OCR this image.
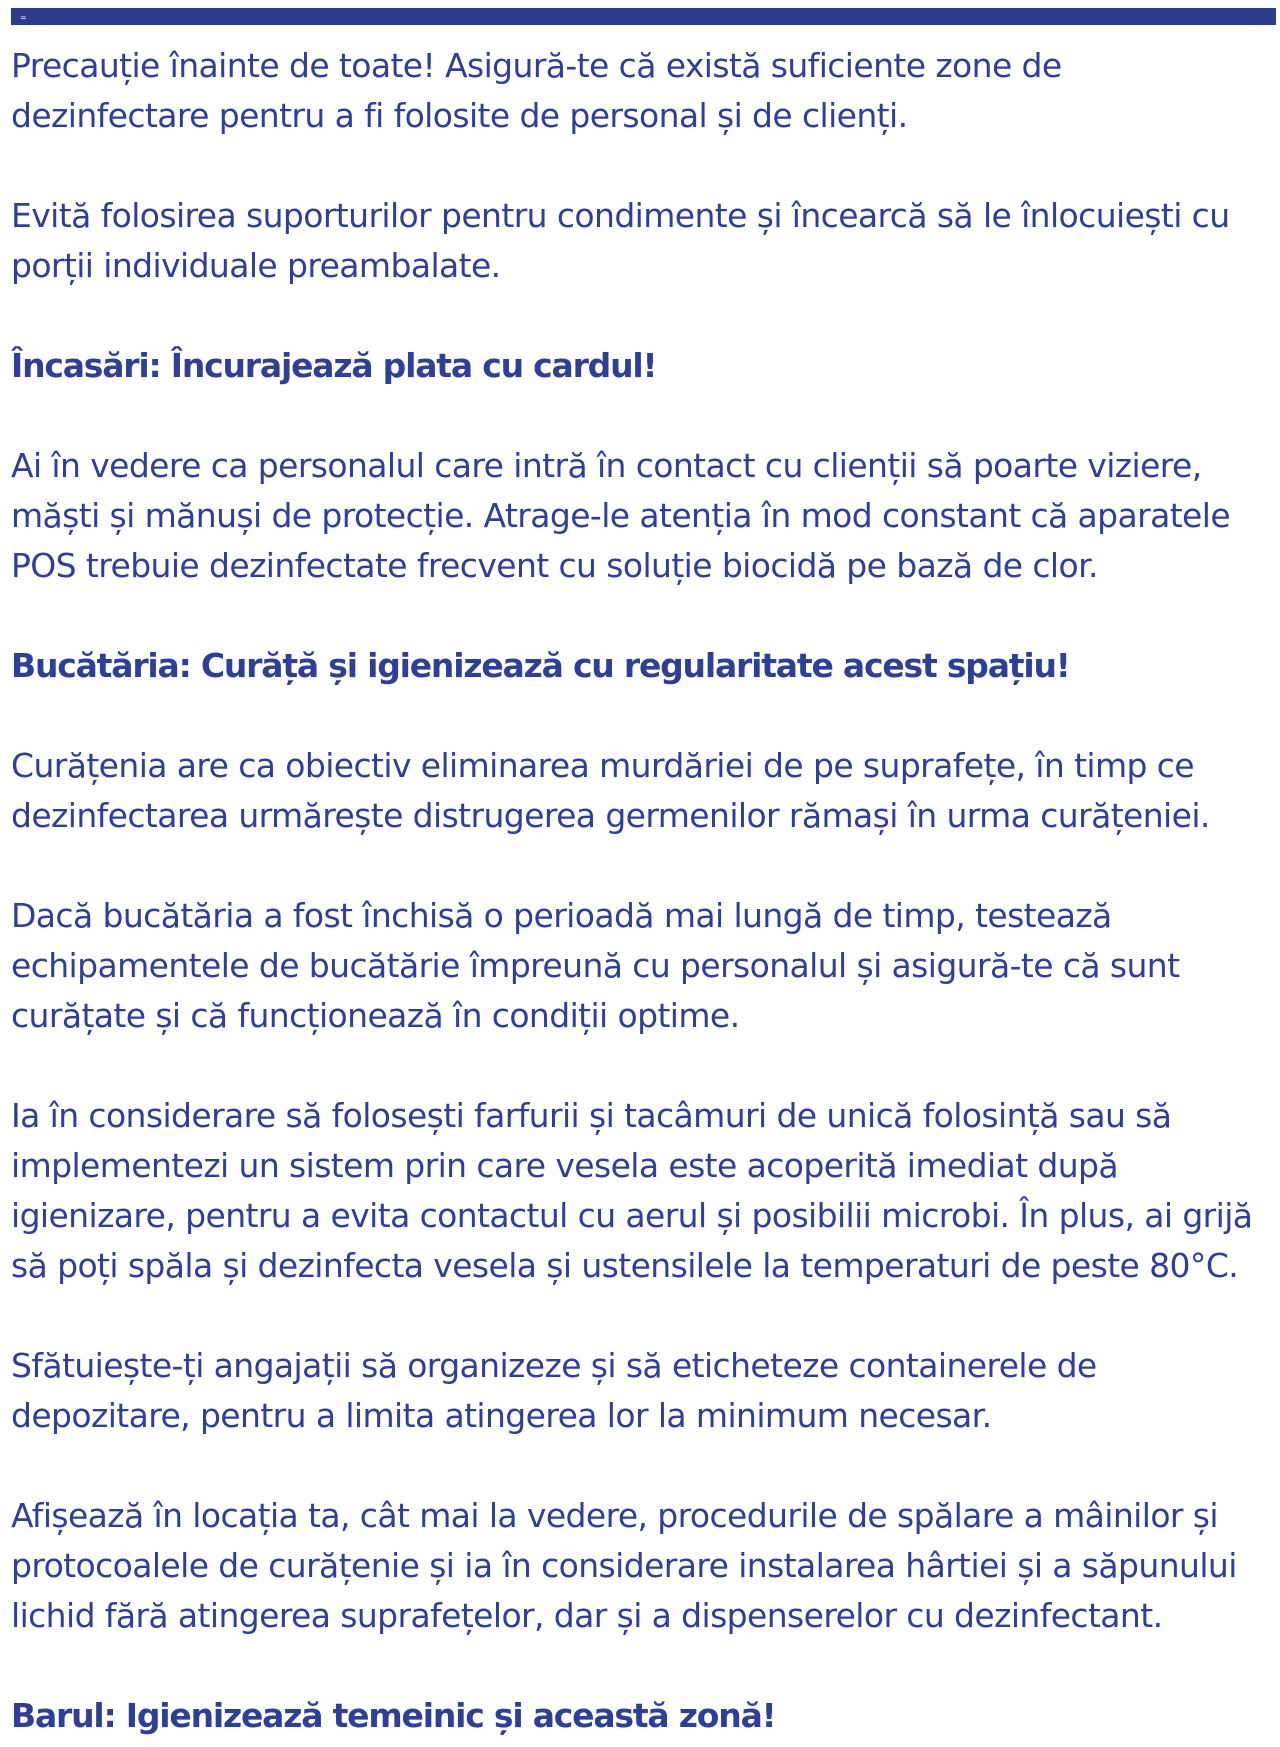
=

Precauție înainte de toate! Asigură-te că există suficiente zone de
dezinfectare pentru a fi folosite de personal și de clienți.

Evită folosirea suporturilor pentru condimente și încearcă să le înlocuiești cu
porții individuale preambalate.

Încasări: Încurajează plata cu cardul!

Ai în vedere ca personalul care intră în contact cu clienții să poarte viziere,
măști și mănuși de protecție. Atrage-le atenția în mod constant că aparatele
POS trebuie dezinfectate frecvent cu soluție biocidă pe bază de clor.

Bucătăria: Curăță și igienizează cu regularitate acest spațiu!

Curățenia are ca obiectiv eliminarea murdăriei de pe suprafețe, în timp ce
dezinfectarea urmărește distrugerea germenilor rămași în urma curățeniei.

Dacă bucătăria a fost închisă o perioadă mai lungă de timp, testează
echipamentele de bucătărie împreună cu personalul și asigură-te că sunt
curățate și că funcționează în condiții optime.

Ia în considerare să folosești farfurii și tacâmuri de unică folosință sau să
implementezi un sistem prin care vesela este acoperită imediat după
igienizare, pentru a evita contactul cu aerul și posibilii microbi. În plus, ai grijă
să poți spăla și dezinfecta vesela și ustensilele la temperaturi de peste 80°C.

Sfătuiește-ți angajații să organizeze și să eticheteze containerele de
depozitare, pentru a limita atingerea lor la minimum necesar.

Afișează în locația ta, cât mai la vedere, procedurile de spălare a mâinilor și
protocoalele de curățenie și ia în considerare instalarea hârtiei și a săpunului
lichid fără atingerea suprafețelor, dar și a dispenserelor cu dezinfectant.

Barul: Igienizează temeinic și această zonă!
